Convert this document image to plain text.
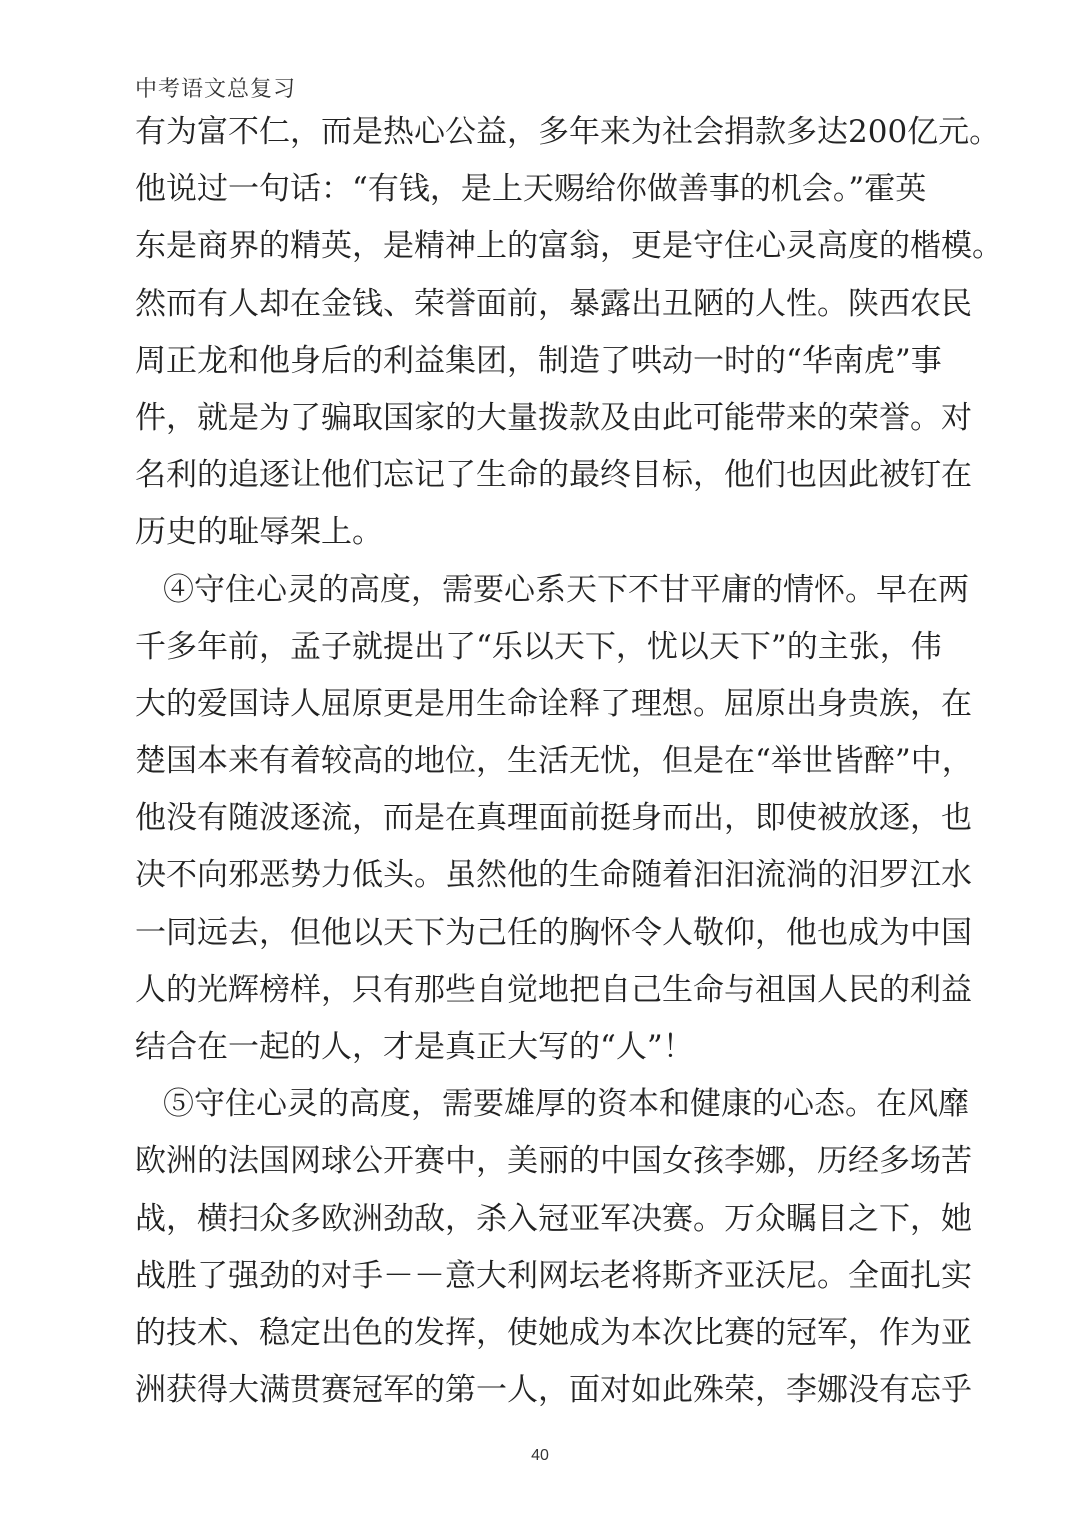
中考语文总复习
有为富不仁，而是热心公益，多年来为社会捐款多达200亿元。
他说过一句话：“有钱，是上天赐给你做善事的机会。”霍英
东是商界的精英，是精神上的富翁，更是守住心灵高度的楷模。
然而有人却在金钱、荣誉面前，暴露出丑陋的人性。陕西农民
周正龙和他身后的利益集团，制造了哄动一时的“华南虎”事
件，就是为了骗取国家的大量拨款及由此可能带来的荣誉。对
名利的追逐让他们忘记了生命的最终目标，他们也因此被钉在
历史的耻辱架上。
④守住心灵的高度，需要心系天下不甘平庸的情怀。早在两
千多年前，孟子就提出了“乐以天下，忧以天下”的主张，伟
大的爱国诗人屈原更是用生命诠释了理想。屈原出身贵族，在
楚国本来有着较高的地位，生活无忧，但是在“举世皆醉”中，
他没有随波逐流，而是在真理面前挺身而出，即使被放逐，也
决不向邪恶势力低头。虽然他的生命随着汩汩流淌的汨罗江水
一同远去，但他以天下为己任的胸怀令人敬仰，他也成为中国
人的光辉榜样，只有那些自觉地把自己生命与祖国人民的利益
结合在一起的人，才是真正大写的“人”！
⑤守住心灵的高度，需要雄厚的资本和健康的心态。在风靡
欧洲的法国网球公开赛中，美丽的中国女孩李娜，历经多场苦
战，横扫众多欧洲劲敌，杀入冠亚军决赛。万众瞩目之下，她
战胜了强劲的对手－－意大利网坛老将斯齐亚沃尼。全面扎实
的技术、稳定出色的发挥，使她成为本次比赛的冠军，作为亚
洲获得大满贯赛冠军的第一人，面对如此殊荣，李娜没有忘乎
40
